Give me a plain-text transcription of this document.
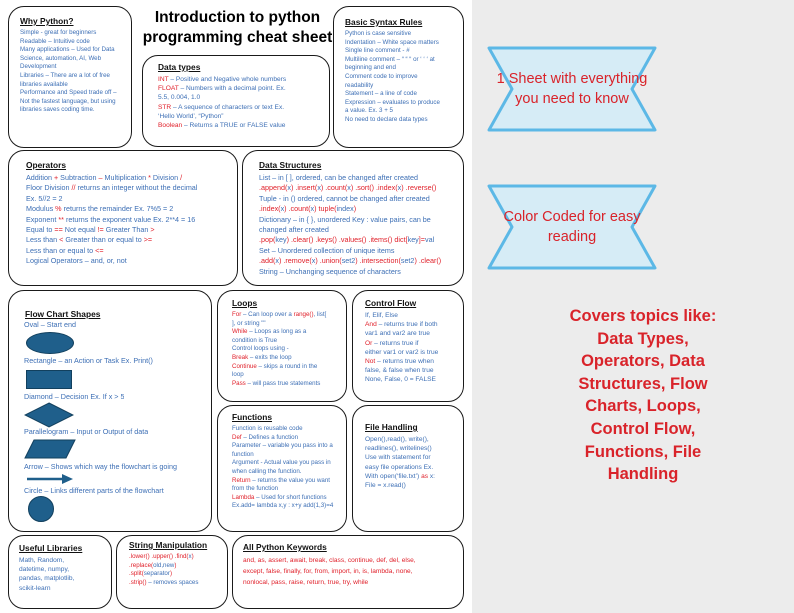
Why Python?
Simple - great for beginners
Readable – Intuitive code
Many applications – Used for Data
Science, automation, AI, Web
Development
Libraries – There are a lot of free
libraries available
Performance and Speed trade off –
Not the fastest language, but using
libraries saves coding time.
Introduction to python
programming cheat sheet
Data types
INT – Positive and Negative whole numbers
FLOAT – Numbers with a decimal point. Ex.
5.5, 0.004, 1.0
STR – A sequence of characters or text Ex.
‘Hello World’, “Python”
Boolean – Returns a TRUE or FALSE value
Basic Syntax Rules
Python is case sensitive
Indentation – White space matters
Single line comment - #
Multiline comment – “ “ “ or ‘ ‘ ‘ at
beginning and end
Comment code to improve
readability
Statement – a line of code
Expression – evaluates to produce
a value. Ex. 3 + 5
No need to declare data types
Operators
Addition + Subtraction – Multiplication * Division /
Floor Division // returns an integer without the decimal
Ex. 5//2 = 2
Modulus % returns the remainder Ex. 7%5 = 2
Exponent ** returns the exponent value Ex. 2**4 = 16
Equal to == Not equal != Greater Than >
Less than < Greater than or equal to >=
Less than or equal to <=
Logical Operators – and, or, not
Data Structures
List – in [ ], ordered, can be changed after created
.append(x) .insert(x) .count(x) .sort() .index(x) .reverse()
Tuple - in () ordered, cannot be changed after created
.index(x) .count(x) tuple(index)
Dictionary – in { }, unordered Key : value pairs, can be
changed after created
.pop(key) .clear() .keys() .values() .items() dict[key]=val
Set – Unordered collection of unique items
.add(x) .remove(x) .union(set2) .intersection(set2) .clear()
String – Unchanging sequence of characters
Flow Chart Shapes
Oval – Start end
Rectangle – an Action or Task Ex. Print()
Diamond – Decision Ex. If x > 5
Parallelogram – Input or Output of data
Arrow – Shows which way the flowchart is going
Circle – Links different parts of the flowchart
Loops
For – Can loop over a range(), list[
], or string ""
While – Loops as long as a
condition is True
Control loops using -
Break – exits the loop
Continue – skips a round in the
loop
Pass – will pass true statements
Control Flow
If, Elif, Else
And – returns true if both
var1 and var2 are true
Or – returns true if
either var1 or var2 is true
Not – returns true when
false, & false when true
None, False, 0 = FALSE
Functions
Function is reusable code
Def – Defines a function
Parameter – variable you pass into a
function
Argument - Actual value you pass in
when calling the function.
Return – returns the value you want
from the function
Lambda – Used for short functions
Ex.add= lambda x,y : x+y add(1,3)=4
File Handling
Open(),read(), write(),
readlines(), writelines()
Use with statement for
easy file operations Ex.
With open(‘file.txt’) as x:
File = x.read()
Useful Libraries
Math, Random,
datetime, numpy,
pandas, matplotlib,
scikit-learn
String Manipulation
.lower() .upper() .find(x)
.replace(old,new)
.split(separator)
.strip() – removes spaces
All Python Keywords
and, as, assert, await, break, class, continue, def, del, else,
except, false, finally, for, from, import, in, is, lambda, none,
nonlocal, pass, raise, return, true, try, while
1 Sheet with everything
you need to know
Color Coded for easy
reading
Covers topics like:
Data Types,
Operators, Data
Structures, Flow
Charts, Loops,
Control Flow,
Functions, File
Handling
